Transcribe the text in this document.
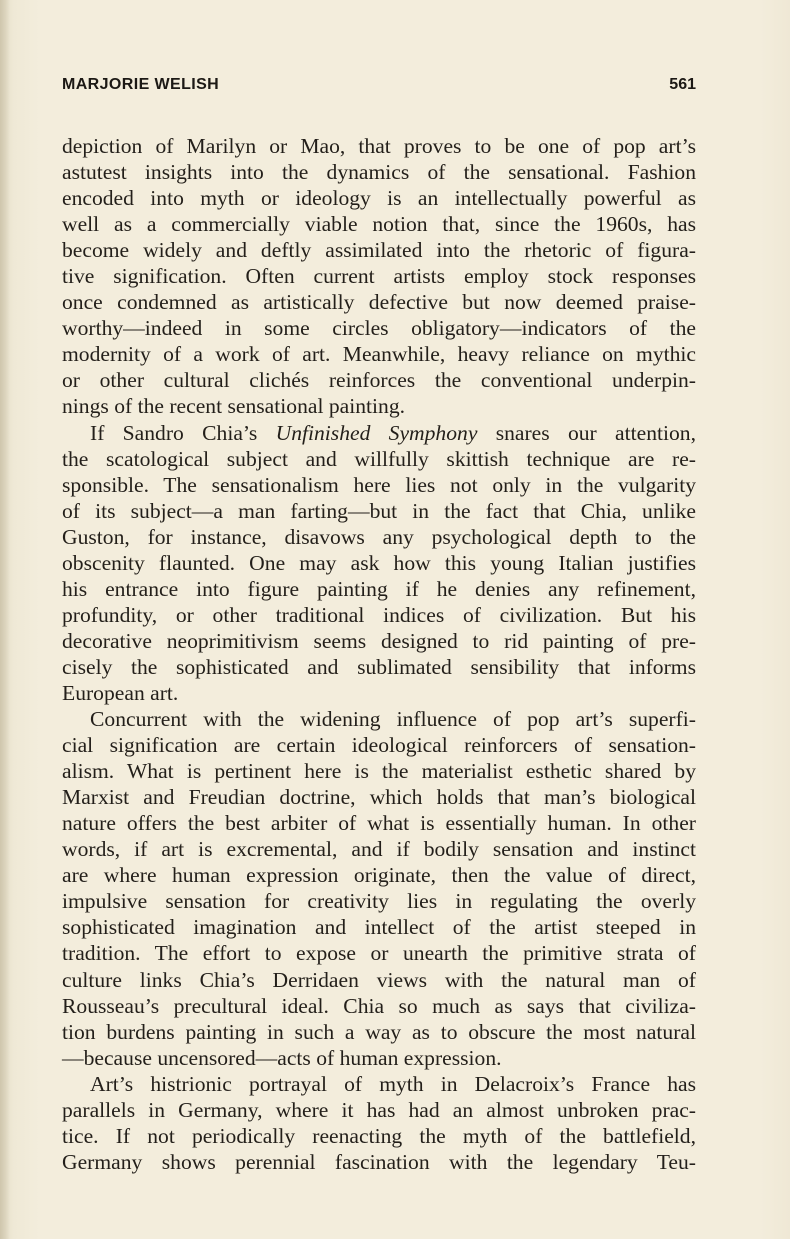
MARJORIE WELISH	561
depiction of Marilyn or Mao, that proves to be one of pop art’s
astutest insights into the dynamics of the sensational. Fashion
encoded into myth or ideology is an intellectually powerful as
well as a commercially viable notion that, since the 1960s, has
become widely and deftly assimilated into the rhetoric of figura-
tive signification. Often current artists employ stock responses
once condemned as artistically defective but now deemed praise-
worthy—indeed in some circles obligatory—indicators of the
modernity of a work of art. Meanwhile, heavy reliance on mythic
or other cultural clichés reinforces the conventional underpin-
nings of the recent sensational painting.
If Sandro Chia’s Unfinished Symphony snares our attention,
the scatological subject and willfully skittish technique are re-
sponsible. The sensationalism here lies not only in the vulgarity
of its subject—a man farting—but in the fact that Chia, unlike
Guston, for instance, disavows any psychological depth to the
obscenity flaunted. One may ask how this young Italian justifies
his entrance into figure painting if he denies any refinement,
profundity, or other traditional indices of civilization. But his
decorative neoprimitivism seems designed to rid painting of pre-
cisely the sophisticated and sublimated sensibility that informs
European art.
Concurrent with the widening influence of pop art’s superfi-
cial signification are certain ideological reinforcers of sensation-
alism. What is pertinent here is the materialist esthetic shared by
Marxist and Freudian doctrine, which holds that man’s biological
nature offers the best arbiter of what is essentially human. In other
words, if art is excremental, and if bodily sensation and instinct
are where human expression originate, then the value of direct,
impulsive sensation for creativity lies in regulating the overly
sophisticated imagination and intellect of the artist steeped in
tradition. The effort to expose or unearth the primitive strata of
culture links Chia’s Derridaen views with the natural man of
Rousseau’s precultural ideal. Chia so much as says that civiliza-
tion burdens painting in such a way as to obscure the most natural
—because uncensored—acts of human expression.
Art’s histrionic portrayal of myth in Delacroix’s France has
parallels in Germany, where it has had an almost unbroken prac-
tice. If not periodically reenacting the myth of the battlefield,
Germany shows perennial fascination with the legendary Teu-
